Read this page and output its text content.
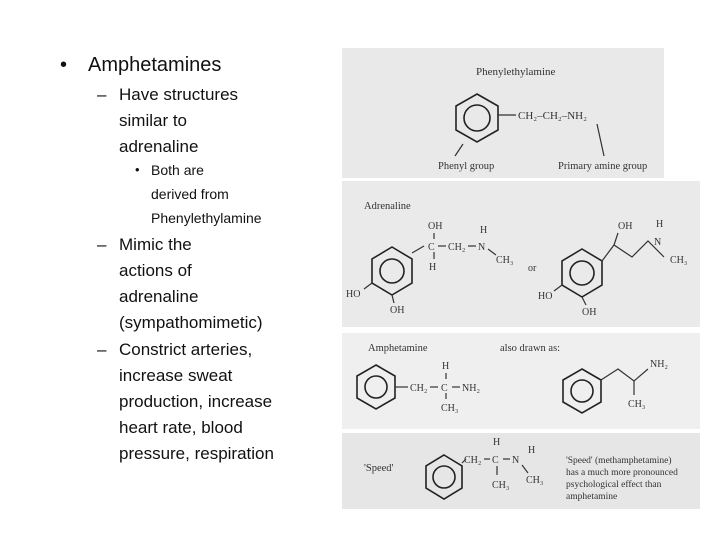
• Amphetamines
– Have structures
similar to
adrenaline
• Both are
derived from
Phenylethylamine
– Mimic the
actions of
adrenaline
(sympathomimetic)
– Constrict arteries,
increase sweat
production, increase
heart rate, blood
pressure, respiration
Phenylethylamine
CH₂–CH₂–NH₂
Phenyl group	Primary amine group
Adrenaline
OH
C
H
CH₂ N
H
CH₃
HO
OH
or
OH
N
H
CH₃
HO
OH
Amphetamine	also drawn as:
CH₂ C
H
CH₃
NH₂
NH₂
CH₃
'Speed'
CH₂ C
H
CH₃
N
H
CH₃
'Speed' (methamphetamine)
has a much more pronounced
psychological effect than
amphetamine
